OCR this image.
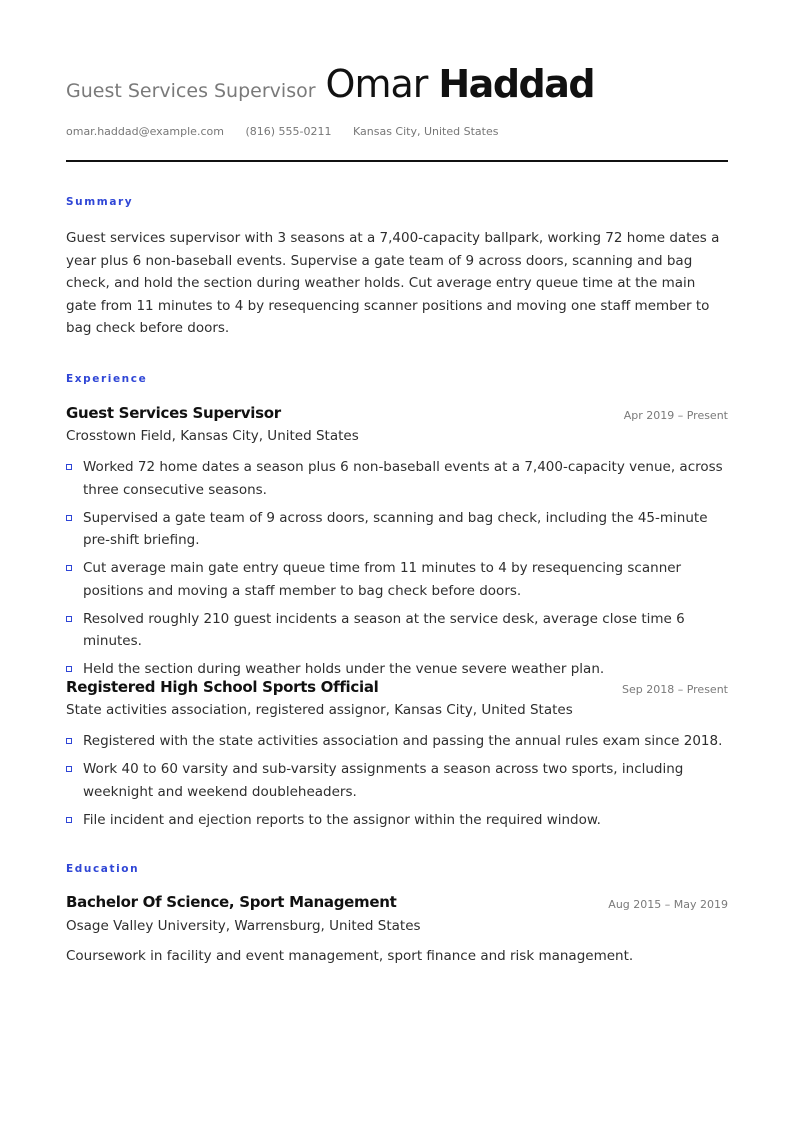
Guest Services Supervisor Omar Haddad
omar.haddad@example.com (816) 555-0211 Kansas City, United States
Summary
Guest services supervisor with 3 seasons at a 7,400-capacity ballpark, working 72 home dates a year plus 6 non-baseball events. Supervise a gate team of 9 across doors, scanning and bag check, and hold the section during weather holds. Cut average entry queue time at the main gate from 11 minutes to 4 by resequencing scanner positions and moving one staff member to bag check before doors.
Experience
Guest Services Supervisor	Apr 2019 – Present
Crosstown Field, Kansas City, United States
Worked 72 home dates a season plus 6 non-baseball events at a 7,400-capacity venue, across three consecutive seasons.
Supervised a gate team of 9 across doors, scanning and bag check, including the 45-minute pre-shift briefing.
Cut average main gate entry queue time from 11 minutes to 4 by resequencing scanner positions and moving a staff member to bag check before doors.
Resolved roughly 210 guest incidents a season at the service desk, average close time 6 minutes.
Held the section during weather holds under the venue severe weather plan.
Registered High School Sports Official	Sep 2018 – Present
State activities association, registered assignor, Kansas City, United States
Registered with the state activities association and passing the annual rules exam since 2018.
Work 40 to 60 varsity and sub-varsity assignments a season across two sports, including weeknight and weekend doubleheaders.
File incident and ejection reports to the assignor within the required window.
Education
Bachelor Of Science, Sport Management	Aug 2015 – May 2019
Osage Valley University, Warrensburg, United States
Coursework in facility and event management, sport finance and risk management.
